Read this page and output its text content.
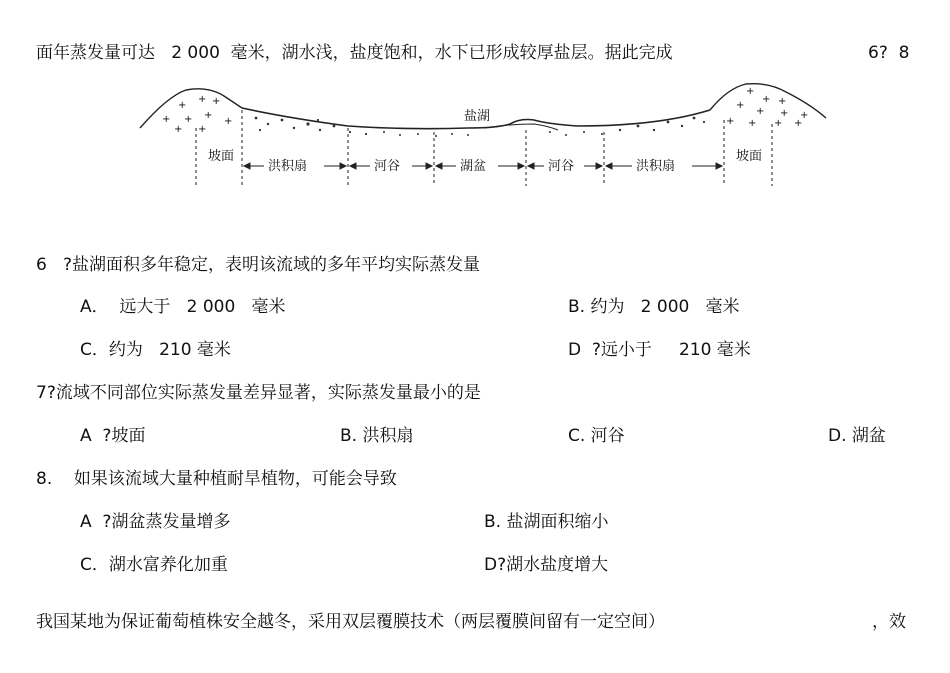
面年蒸发量可达   2 000  毫米，湖水浅，盐度饱和，水下已形成较厚盐层。据此完成	6?  8
+
+ +
+ + +
+
+ +
+
+ +
+
+ + +
+ + + +
盐湖
坡面
洪积扇	河谷	湖盆	河谷	洪积扇
坡面
6   ?盐湖面积多年稳定，表明该流域的多年平均实际蒸发量
A．  远大于   2 000   毫米	B. 约为   2 000   毫米
C．约为   210 毫米	D  ?远小于     210 毫米
7?流域不同部位实际蒸发量差异显著，实际蒸发量最小的是
A  ?坡面	B. 洪积扇	C. 河谷	D. 湖盆
8.    如果该流域大量种植耐旱植物，可能会导致
A  ?湖盆蒸发量增多	B. 盐湖面积缩小
C．湖水富养化加重	D?湖水盐度增大
我国某地为保证葡萄植株安全越冬，采用双层覆膜技术（两层覆膜间留有一定空间）	，效
